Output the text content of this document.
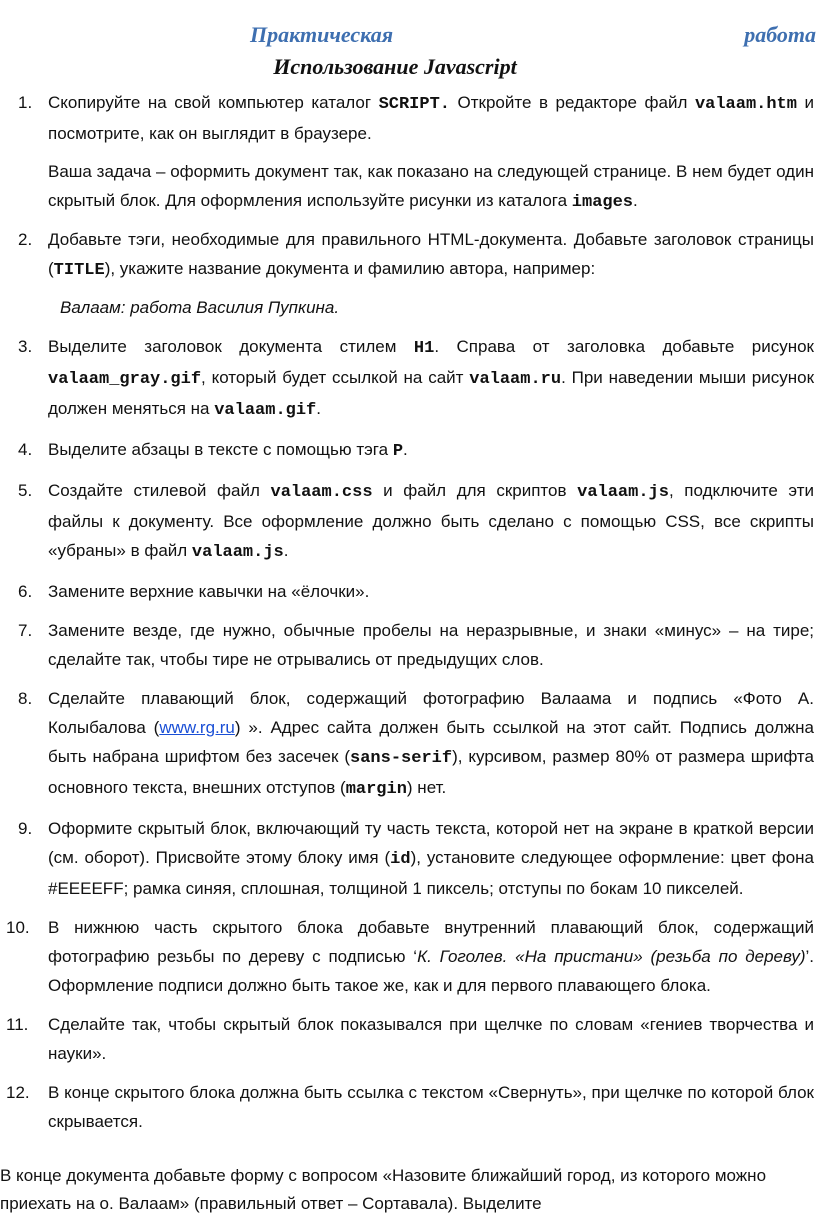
Практическая	работа
Использование Javascript
1. Скопируйте на свой компьютер каталог SCRIPT. Откройте в редакторе файл valaam.htm и посмотрите, как он выглядит в браузере.

Ваша задача – оформить документ так, как показано на следующей странице. В нем будет один скрытый блок. Для оформления используйте рисунки из каталога images.

2. Добавьте тэги, необходимые для правильного HTML-документа. Добавьте заголовок страницы (TITLE), укажите название документа и фамилию автора, например:

Валаам: работа Василия Пупкина.
3. Выделите заголовок документа стилем H1. Справа от заголовка добавьте рисунок valaam_gray.gif, который будет ссылкой на сайт valaam.ru. При наведении мыши рисунок должен меняться на valaam.gif.

4. Выделите абзацы в тексте с помощью тэга P.

5. Создайте стилевой файл valaam.css и файл для скриптов valaam.js, подключите эти файлы к документу. Все оформление должно быть сделано с помощью CSS, все скрипты «убраны» в файл valaam.js.

6. Замените верхние кавычки на «ёлочки».

7. Замените везде, где нужно, обычные пробелы на неразрывные, и знаки «минус» – на тире; сделайте так, чтобы тире не отрывались от предыдущих слов.

8. Сделайте плавающий блок, содержащий фотографию Валаама и подпись «Фото А. Колыбалова (www.rg.ru) ». Адрес сайта должен быть ссылкой на этот сайт. Подпись должна быть набрана шрифтом без засечек (sans-serif), курсивом, размер 80% от размера шрифта основного текста, внешних отступов (margin) нет.

9. Оформите скрытый блок, включающий ту часть текста, которой нет на экране в краткой версии (см. оборот). Присвойте этому блоку имя (id), установите следующее оформление: цвет фона #EEEEFF; рамка синяя, сплошная, толщиной 1 пиксель; отступы по бокам 10 пикселей.

10. В нижнюю часть скрытого блока добавьте внутренний плавающий блок, содержащий фотографию резьбы по дереву с подписью ‘К. Гоголев. «На пристани» (резьба по дереву)’. Оформление подписи должно быть такое же, как и для первого плавающего блока.

11. Сделайте так, чтобы скрытый блок показывался при щелчке по словам «гениев творчества и науки».

12. В конце скрытого блока должна быть ссылка с текстом «Свернуть», при щелчке по которой блок скрывается.

В конце документа добавьте форму с вопросом «Назовите ближайший город, из которого можно приехать на о. Валаам» (правильный ответ – Сортавала). Выделите
